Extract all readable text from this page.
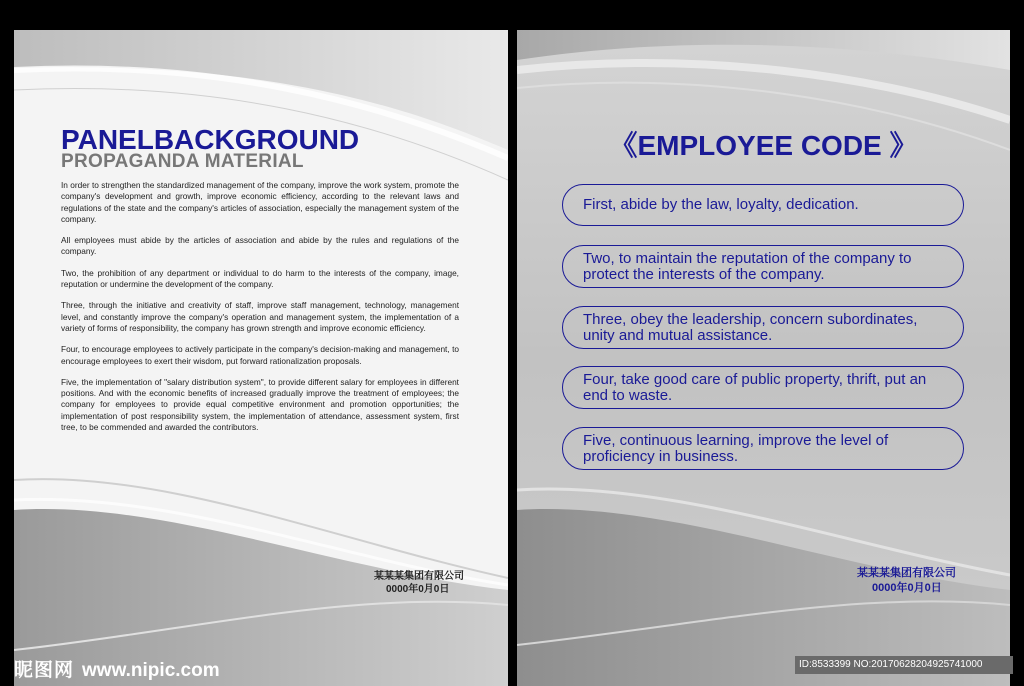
PANELBACKGROUND
PROPAGANDA MATERIAL

In order to strengthen the standardized management of the company, improve the work system, promote the company's development and growth, improve economic efficiency, according to the relevant laws and regulations of the state and the company's articles of association, especially the management system of the company.

All employees must abide by the articles of association and abide by the rules and regulations of the company.

Two, the prohibition of any department or individual to do harm to the interests of the company, image, reputation or undermine the development of the company.

Three, through the initiative and creativity of staff, improve staff management, technology, management level, and constantly improve the company's operation and management system, the implementation of a variety of forms of responsibility, the company has grown strength and improve economic efficiency.

Four, to encourage employees to actively participate in the company's decision-making and management, to encourage employees to exert their wisdom, put forward rationalization proposals.

Five, the implementation of "salary distribution system", to provide different salary for employees in different positions. And with the economic benefits of increased gradually improve the treatment of employees; the company for employees to provide equal competitive environment and promotion opportunities; the implementation of post responsibility system, the implementation of attendance, assessment system, first tree, to be commended and awarded the contributors.

某某某集团有限公司
0000年0月0日
《EMPLOYEE CODE 》
First, abide by the law, loyalty, dedication.
Two, to maintain the reputation of the company to protect the interests of the company.
Three, obey the leadership, concern subordinates, unity and mutual assistance.
Four, take good care of public property, thrift, put an end to waste.
Five, continuous learning, improve the level of proficiency in business.
某某某集团有限公司
0000年0月0日
昵图网 www.nipic.com	ID:8533399 NO:20170628204925741000
